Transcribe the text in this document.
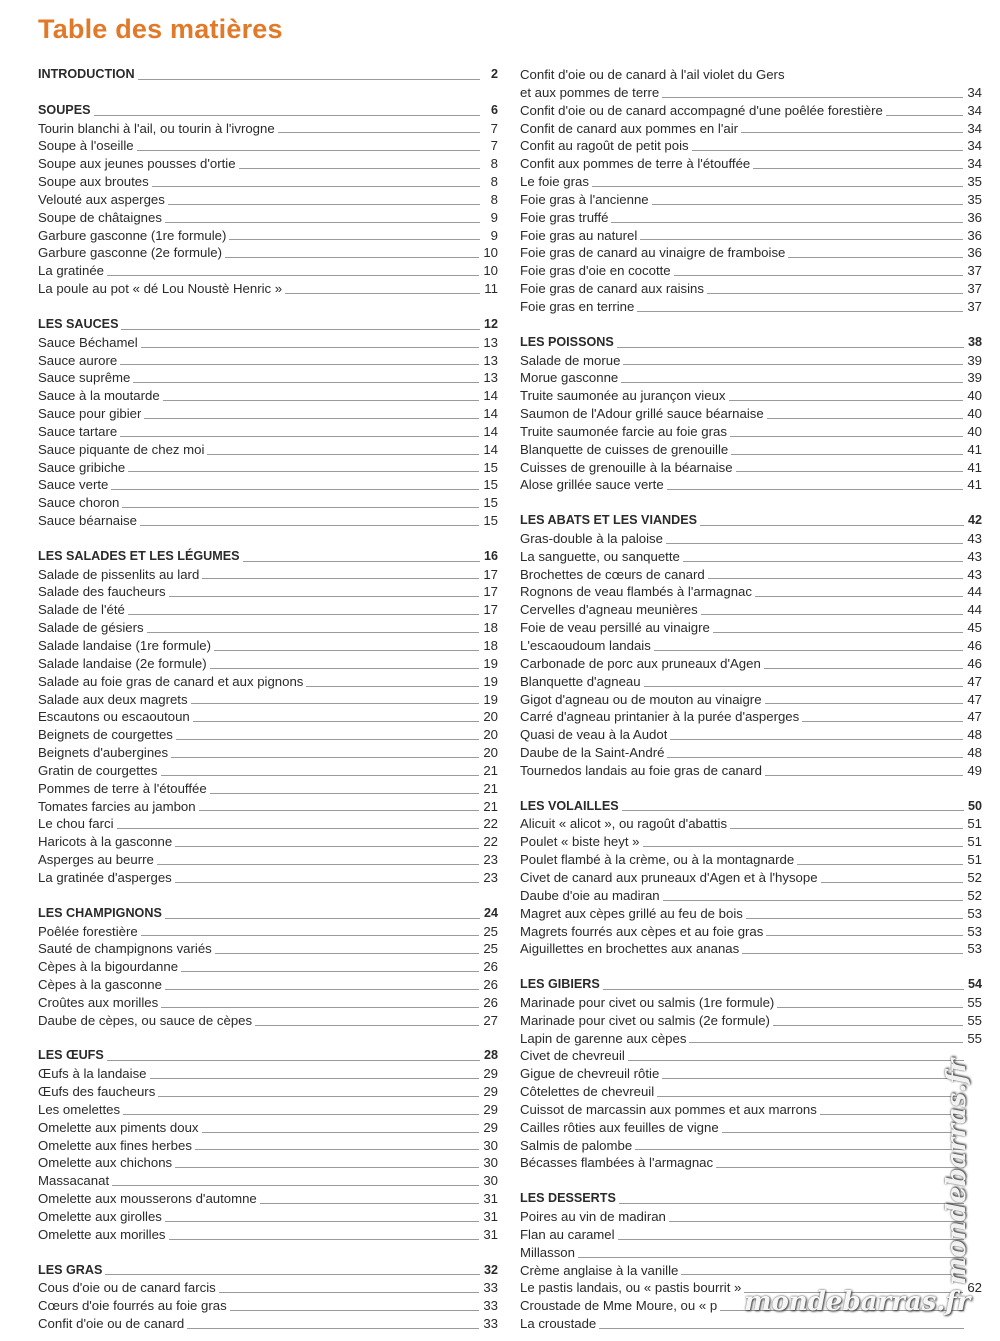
Table des matières
INTRODUCTION	2
SOUPES	6
Tourin blanchi à l'ail, ou tourin à l'ivrogne	7
Soupe à l'oseille	7
Soupe aux jeunes pousses d'ortie	8
Soupe aux broutes	8
Velouté aux asperges	8
Soupe de châtaignes	9
Garbure gasconne (1re formule)	9
Garbure gasconne (2e formule)	10
La gratinée	10
La poule au pot « dé Lou Noustè Henric »	11
LES SAUCES	12
Sauce Béchamel	13
Sauce aurore	13
Sauce suprême	13
Sauce à la moutarde	14
Sauce pour gibier	14
Sauce tartare	14
Sauce piquante de chez moi	14
Sauce gribiche	15
Sauce verte	15
Sauce choron	15
Sauce béarnaise	15
LES SALADES ET LES LÉGUMES	16
Salade de pissenlits au lard	17
Salade des faucheurs	17
Salade de l'été	17
Salade de gésiers	18
Salade landaise (1re formule)	18
Salade landaise (2e formule)	19
Salade au foie gras de canard et aux pignons	19
Salade aux deux magrets	19
Escautons ou escaoutoun	20
Beignets de courgettes	20
Beignets d'aubergines	20
Gratin de courgettes	21
Pommes de terre à l'étouffée	21
Tomates farcies au jambon	21
Le chou farci	22
Haricots à la gasconne	22
Asperges au beurre	23
La gratinée d'asperges	23
LES CHAMPIGNONS	24
Poêlée forestière	25
Sauté de champignons variés	25
Cèpes à la bigourdanne	26
Cèpes à la gasconne	26
Croûtes aux morilles	26
Daube de cèpes, ou sauce de cèpes	27
LES ŒUFS	28
Œufs à la landaise	29
Œufs des faucheurs	29
Les omelettes	29
Omelette aux piments doux	29
Omelette aux fines herbes	30
Omelette aux chichons	30
Massacanat	30
Omelette aux mousserons d'automne	31
Omelette aux girolles	31
Omelette aux morilles	31
LES GRAS	32
Cous d'oie ou de canard farcis	33
Cœurs d'oie fourrés au foie gras	33
Confit d'oie ou de canard	33
Confit d'oie ou de canard à l'ail violet du Gers
et aux pommes de terre	34
Confit d'oie ou de canard accompagné d'une poêlée forestière	34
Confit de canard aux pommes en l'air	34
Confit au ragoût de petit pois	34
Confit aux pommes de terre à l'étouffée	34
Le foie gras	35
Foie gras à l'ancienne	35
Foie gras truffé	36
Foie gras au naturel	36
Foie gras de canard au vinaigre de framboise	36
Foie gras d'oie en cocotte	37
Foie gras de canard aux raisins	37
Foie gras en terrine	37
LES POISSONS	38
Salade de morue	39
Morue gasconne	39
Truite saumonée au jurançon vieux	40
Saumon de l'Adour grillé sauce béarnaise	40
Truite saumonée farcie au foie gras	40
Blanquette de cuisses de grenouille	41
Cuisses de grenouille à la béarnaise	41
Alose grillée sauce verte	41
LES ABATS ET LES VIANDES	42
Gras-double à la paloise	43
La sanguette, ou sanquette	43
Brochettes de cœurs de canard	43
Rognons de veau flambés à l'armagnac	44
Cervelles d'agneau meunières	44
Foie de veau persillé au vinaigre	45
L'escaoudoum landais	46
Carbonade de porc aux pruneaux d'Agen	46
Blanquette d'agneau	47
Gigot d'agneau ou de mouton au vinaigre	47
Carré d'agneau printanier à la purée d'asperges	47
Quasi de veau à la Audot	48
Daube de la Saint-André	48
Tournedos landais au foie gras de canard	49
LES VOLAILLES	50
Alicuit « alicot », ou ragoût d'abattis	51
Poulet « biste heyt »	51
Poulet flambé à la crème, ou à la montagnarde	51
Civet de canard aux pruneaux d'Agen et à l'hysope	52
Daube d'oie au madiran	52
Magret aux cèpes grillé au feu de bois	53
Magrets fourrés aux cèpes et au foie gras	53
Aiguillettes en brochettes aux ananas	53
LES GIBIERS	54
Marinade pour civet ou salmis (1re formule)	55
Marinade pour civet ou salmis (2e formule)	55
Lapin de garenne aux cèpes	55
Civet de chevreuil
Gigue de chevreuil rôtie
Côtelettes de chevreuil
Cuissot de marcassin aux pommes et aux marrons
Cailles rôties aux feuilles de vigne
Salmis de palombe
Bécasses flambées à l'armagnac
LES DESSERTS
Poires au vin de madiran
Flan au caramel
Millasson
Crème anglaise à la vanille
Le pastis landais, ou « pastis bourrit »	62
Croustade de Mme Moure, ou « p
La croustade
mondebarras.fr
mondebarras.fr
